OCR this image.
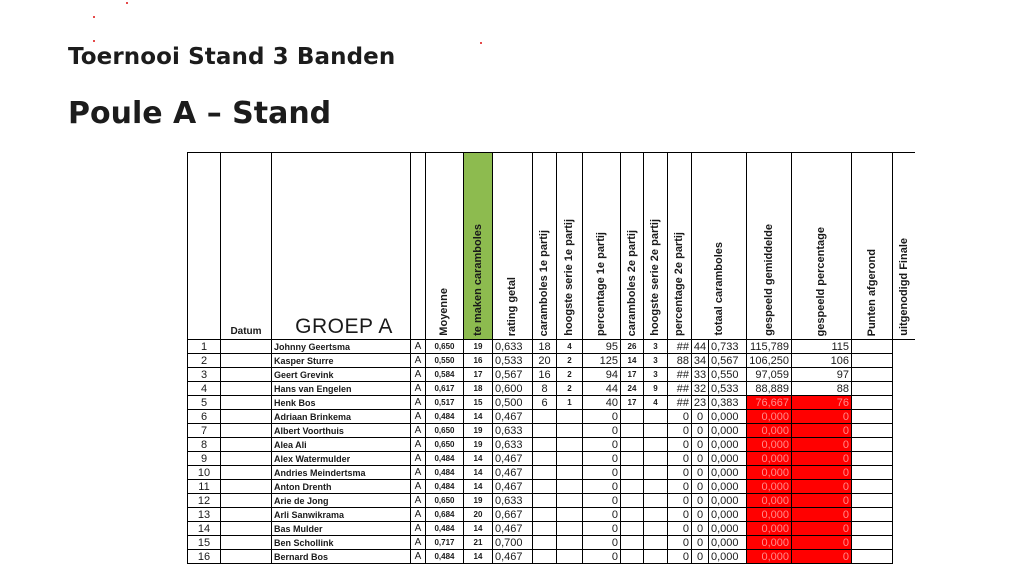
Toernooi Stand 3 Banden
Poule A – Stand

	Datum	GROEP A		Moyenne	te maken caramboles	rating getal	caramboles 1e partij	hoogste serie 1e partij	percentage 1e partij	caramboles 2e partij	hoogste serie 2e partij	percentage 2e partij	totaal caramboles		gespeeld gemiddelde	gespeeld percentage	Punten afgerond	uitgenodigd Finale

1		Johnny Geertsma	A	0,650	19	0,633	18	4	95	26	3	##	44	0,733	115,789	115		
2		Kasper Sturre	A	0,550	16	0,533	20	2	125	14	3	88	34	0,567	106,250	106		
3		Geert Grevink	A	0,584	17	0,567	16	2	94	17	3	##	33	0,550	97,059	97		
4		Hans van Engelen	A	0,617	18	0,600	8	2	44	24	9	##	32	0,533	88,889	88		
5		Henk Bos	A	0,517	15	0,500	6	1	40	17	4	##	23	0,383	76,667	76		
6		Adriaan Brinkema	A	0,484	14	0,467			0			0	0	0,000	0,000	0		
7		Albert Voorthuis	A	0,650	19	0,633			0			0	0	0,000	0,000	0		
8		Alea Ali	A	0,650	19	0,633			0			0	0	0,000	0,000	0		
9		Alex Watermulder	A	0,484	14	0,467			0			0	0	0,000	0,000	0		
10		Andries Meindertsma	A	0,484	14	0,467			0			0	0	0,000	0,000	0		
11		Anton Drenth	A	0,484	14	0,467			0			0	0	0,000	0,000	0		
12		Arie de Jong	A	0,650	19	0,633			0			0	0	0,000	0,000	0		
13		Arli Sanwikrama	A	0,684	20	0,667			0			0	0	0,000	0,000	0		
14		Bas Mulder	A	0,484	14	0,467			0			0	0	0,000	0,000	0		
15		Ben Schollink	A	0,717	21	0,700			0			0	0	0,000	0,000	0		
16		Bernard Bos	A	0,484	14	0,467			0			0	0	0,000	0,000	0		
